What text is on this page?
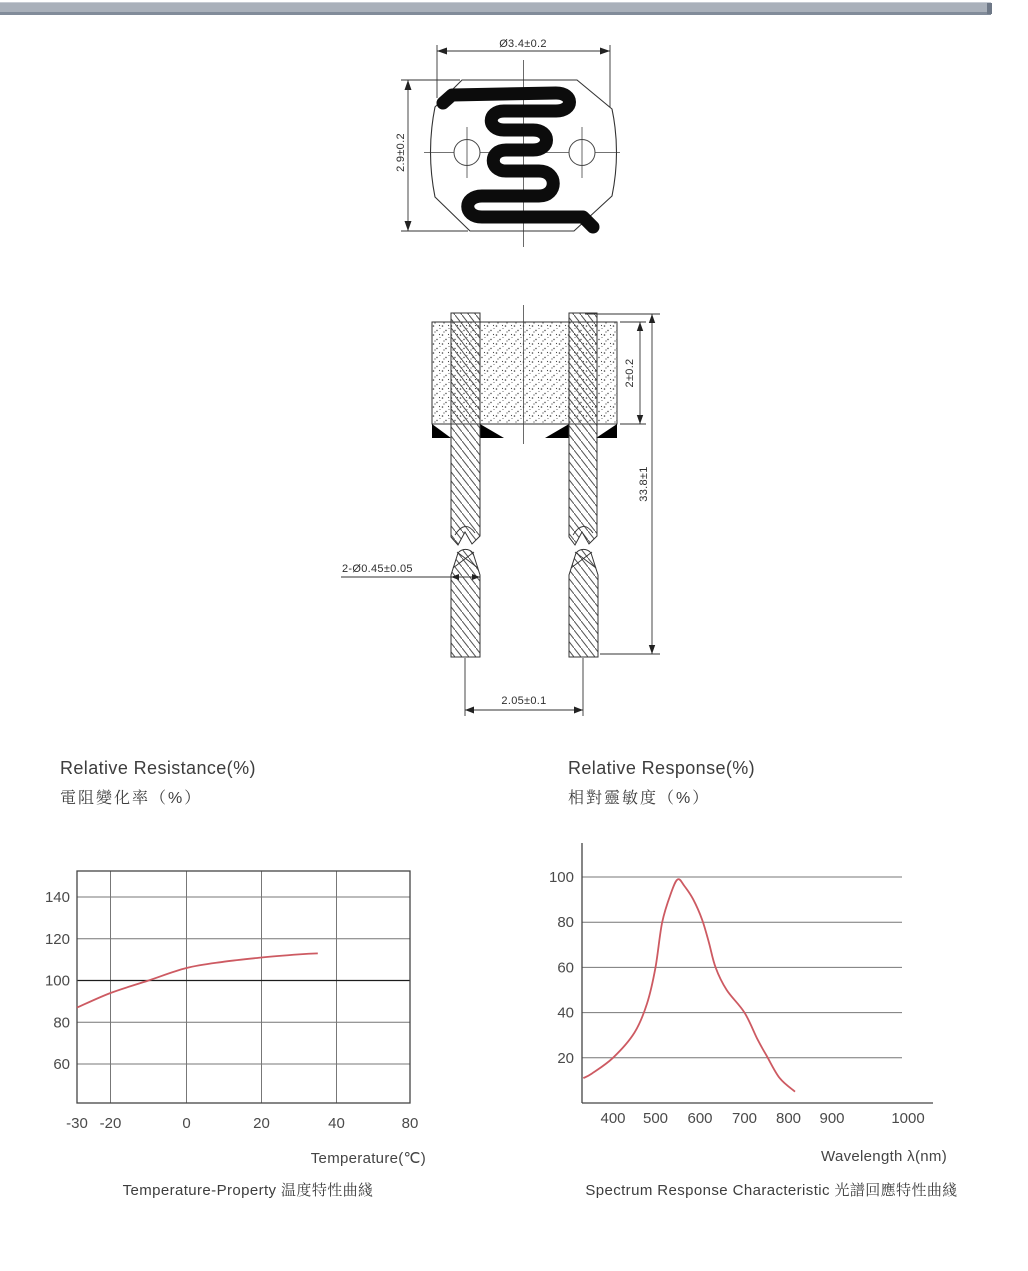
Ø3.4±0.2
2.9±0.2
2±0.2
33.8±1
2-Ø0.45±0.05
2.05±0.1
-30 -20	0	20	40	80
140
120
100
80
60
400 500 600 700 800 900	1000
100
80
60
40
20
Relative Resistance(%)
電阻變化率（%）
Relative Response(%)
相對靈敏度（%）
Temperature(℃)	Wavelength λ(nm)
Temperature-Property 温度特性曲綫	Spectrum Response Characteristic 光譜回應特性曲綫
